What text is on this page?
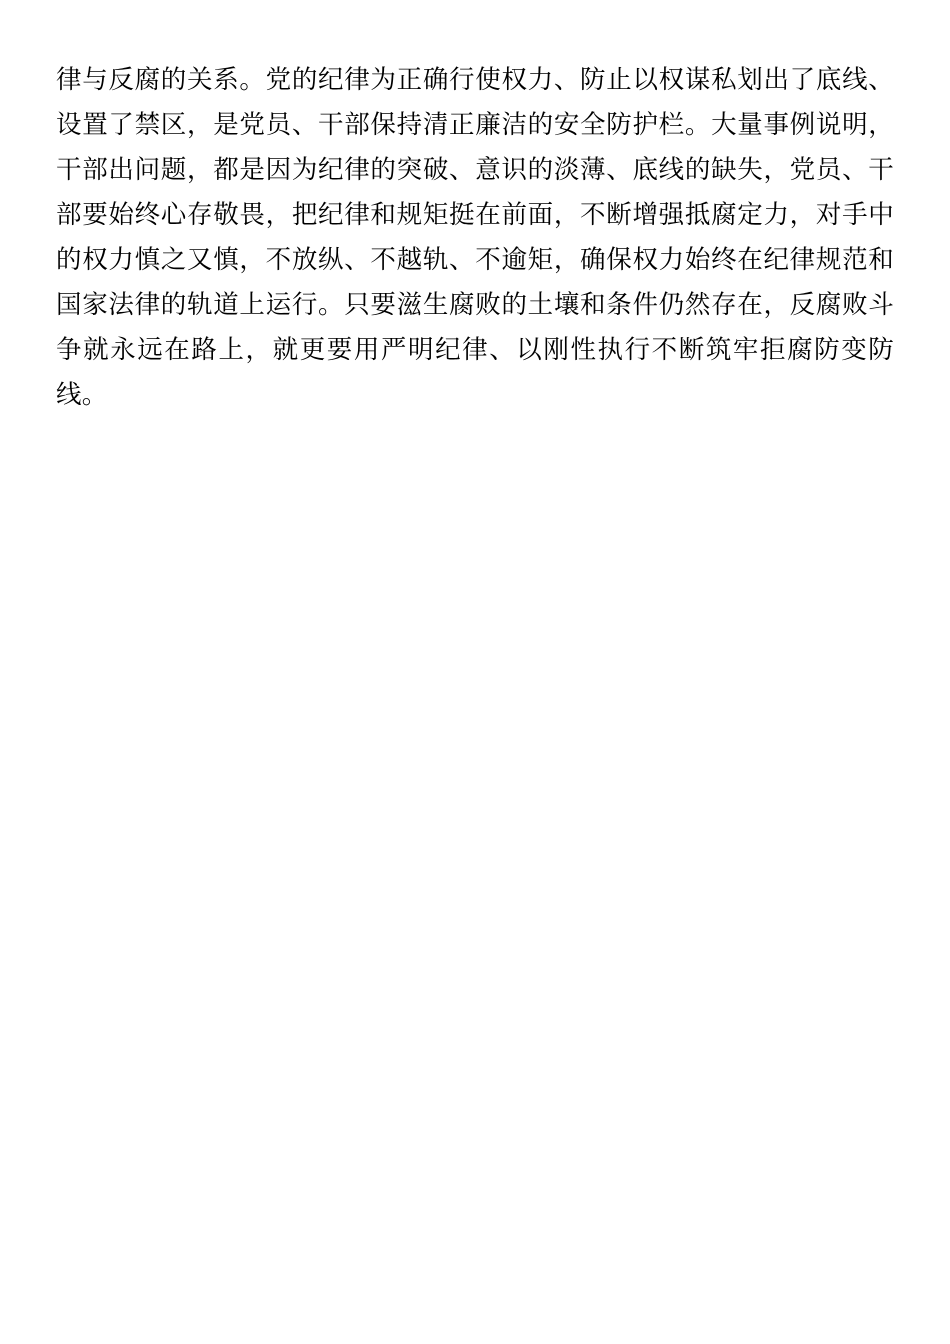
律与反腐的关系。党的纪律为正确行使权力、防止以权谋私划出了底线、设置了禁区，是党员、干部保持清正廉洁的安全防护栏。大量事例说明，干部出问题，都是因为纪律的突破、意识的淡薄、底线的缺失，党员、干部要始终心存敬畏，把纪律和规矩挺在前面，不断增强抵腐定力，对手中的权力慎之又慎，不放纵、不越轨、不逾矩，确保权力始终在纪律规范和国家法律的轨道上运行。只要滋生腐败的土壤和条件仍然存在，反腐败斗争就永远在路上，就更要用严明纪律、以刚性执行不断筑牢拒腐防变防线。
